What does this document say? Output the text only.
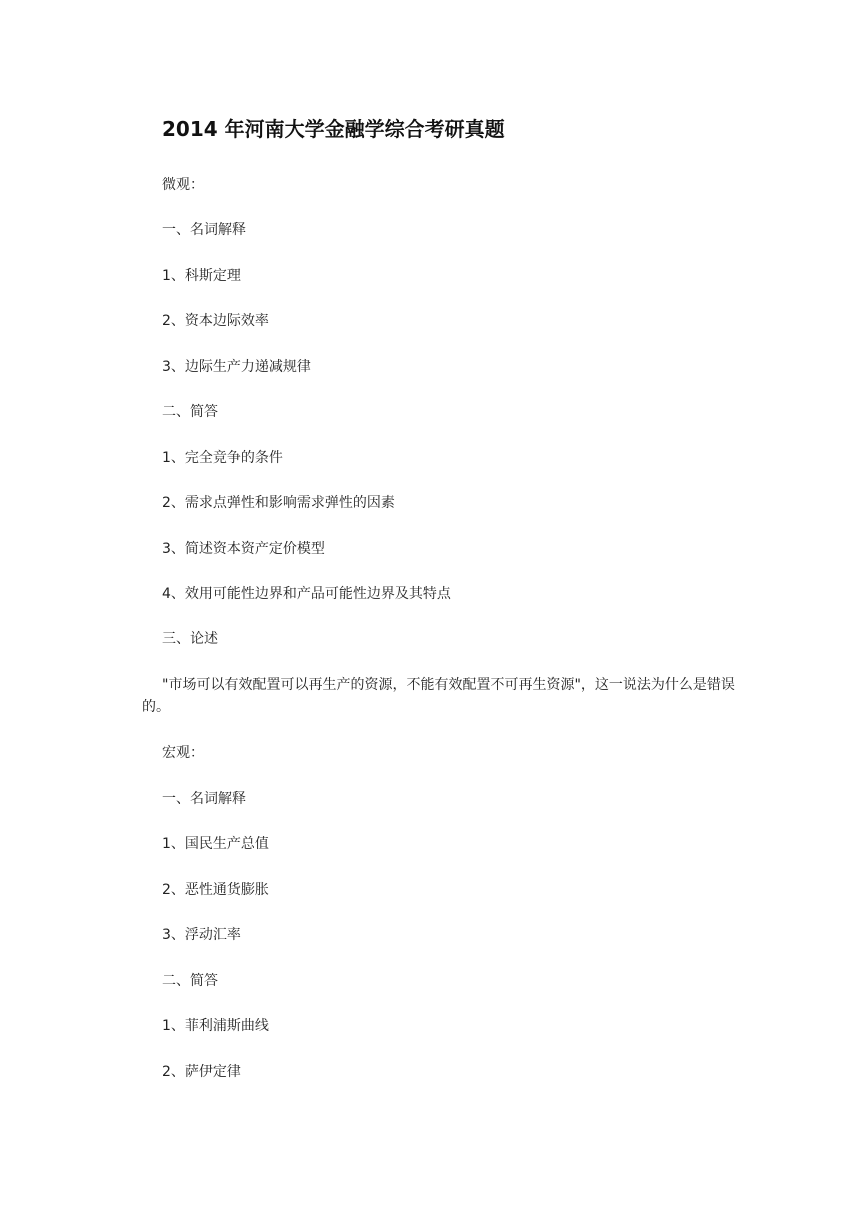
2014 年河南大学金融学综合考研真题
微观：
一、名词解释
1、科斯定理
2、资本边际效率
3、边际生产力递减规律
二、简答
1、完全竞争的条件
2、需求点弹性和影响需求弹性的因素
3、简述资本资产定价模型
4、效用可能性边界和产品可能性边界及其特点
三、论述
"市场可以有效配置可以再生产的资源，不能有效配置不可再生资源"，这一说法为什么是错误的。
宏观：
一、名词解释
1、国民生产总值
2、恶性通货膨胀
3、浮动汇率
二、简答
1、菲利浦斯曲线
2、萨伊定律
